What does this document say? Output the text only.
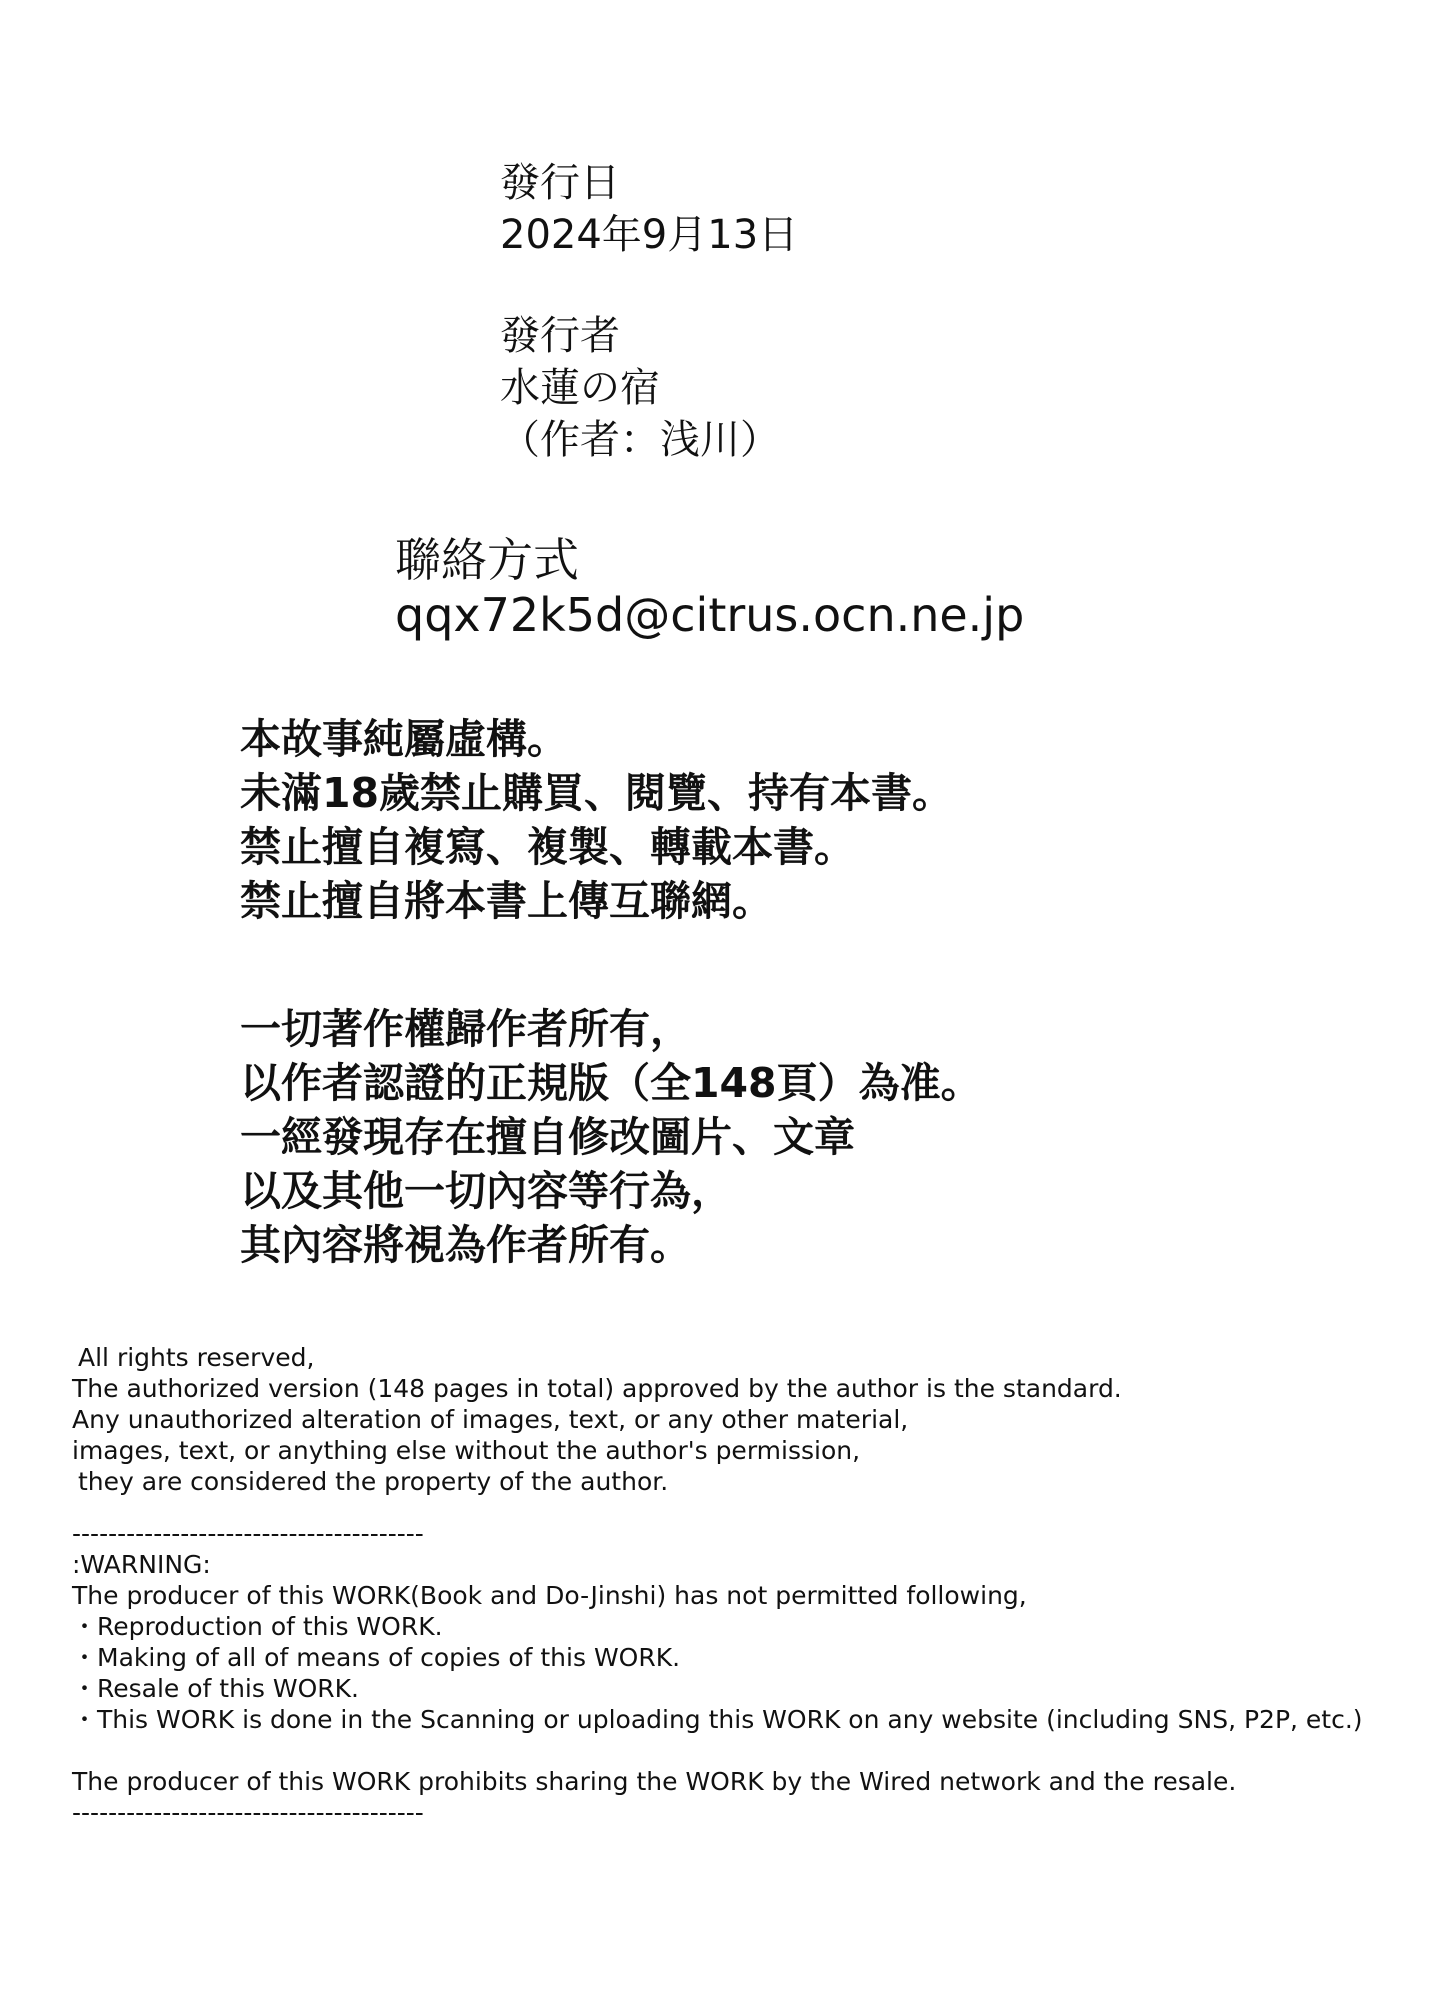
發行日

2024年9月13日

發行者

水蓮の宿

（作者：浅川）

聯絡方式

qqx72k5d@citrus.ocn.ne.jp

本故事純屬虛構。

未滿18歲禁止購買、閱覽、持有本書。

禁止擅自複寫、複製、轉載本書。

禁止擅自將本書上傳互聯網。

一切著作權歸作者所有，

以作者認證的正規版（全148頁）為准。

一經發現存在擅自修改圖片、文章

以及其他一切內容等行為，

其內容將視為作者所有。

All rights reserved,

The authorized version (148 pages in total) approved by the author is the standard.

Any unauthorized alteration of images, text, or any other material,

images, text, or anything else without the author's permission,

they are considered the property of the author.

---------------------------------------

:WARNING:

The producer of this WORK(Book and Do-Jinshi) has not permitted following,

・Reproduction of this WORK.

・Making of all of means of copies of this WORK.

・Resale of this WORK.

・This WORK is done in the Scanning or uploading this WORK on any website (including SNS, P2P, etc.)

The producer of this WORK prohibits sharing the WORK by the Wired network and the resale.

---------------------------------------
